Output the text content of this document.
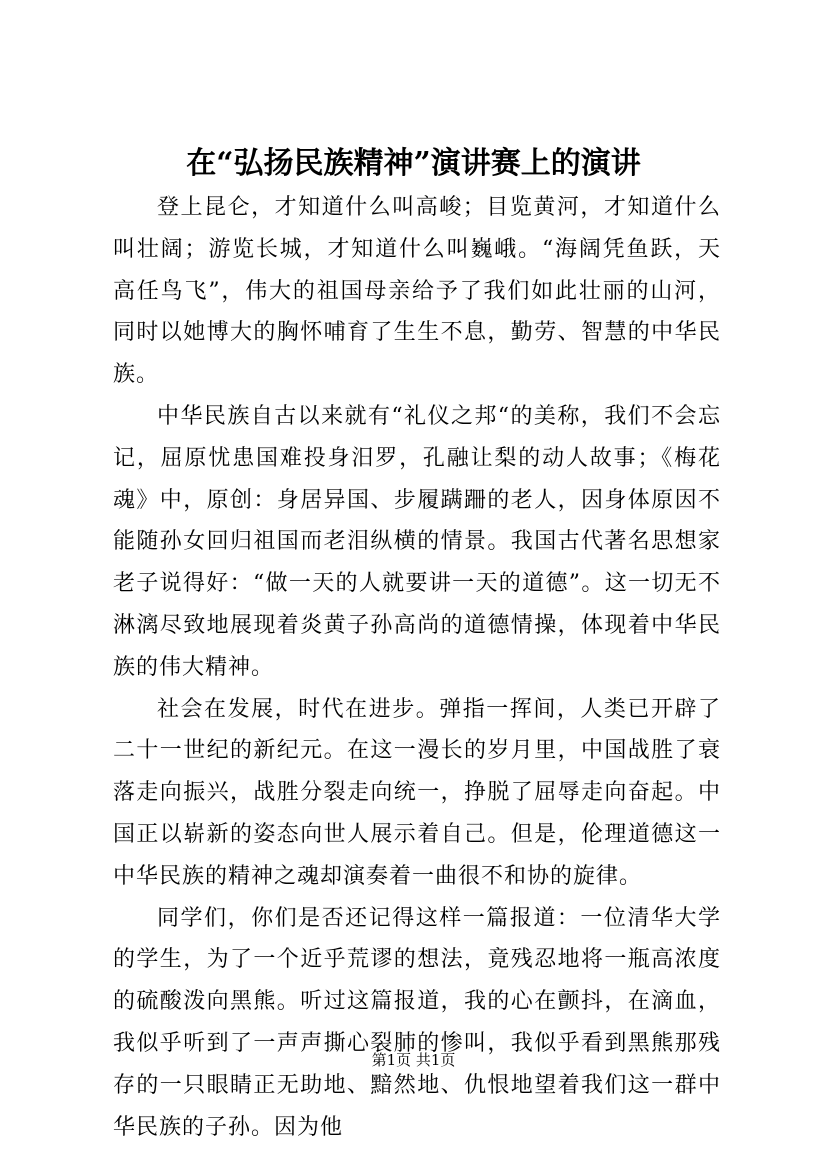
在“弘扬民族精神”演讲赛上的演讲

登上昆仑，才知道什么叫高峻；目览黄河，才知道什么叫壮阔；游览长城，才知道什么叫巍峨。“海阔凭鱼跃，天高任鸟飞”，伟大的祖国母亲给予了我们如此壮丽的山河，同时以她博大的胸怀哺育了生生不息，勤劳、智慧的中华民族。

中华民族自古以来就有“礼仪之邦“的美称，我们不会忘记，屈原忧患国难投身汨罗，孔融让梨的动人故事；《梅花魂》中，原创：身居异国、步履蹒跚的老人，因身体原因不能随孙女回归祖国而老泪纵横的情景。我国古代著名思想家老子说得好：“做一天的人就要讲一天的道德”。这一切无不淋漓尽致地展现着炎黄子孙高尚的道德情操，体现着中华民族的伟大精神。

社会在发展，时代在进步。弹指一挥间，人类已开辟了二十一世纪的新纪元。在这一漫长的岁月里，中国战胜了衰落走向振兴，战胜分裂走向统一，挣脱了屈辱走向奋起。中国正以崭新的姿态向世人展示着自己。但是，伦理道德这一中华民族的精神之魂却演奏着一曲很不和协的旋律。

同学们，你们是否还记得这样一篇报道：一位清华大学的学生，为了一个近乎荒谬的想法，竟残忍地将一瓶高浓度的硫酸泼向黑熊。听过这篇报道，我的心在颤抖，在滴血，我似乎听到了一声声撕心裂肺的惨叫，我似乎看到黑熊那残存的一只眼睛正无助地、黯然地、仇恨地望着我们这一群中华民族的子孙。因为他

第1页 共1页
